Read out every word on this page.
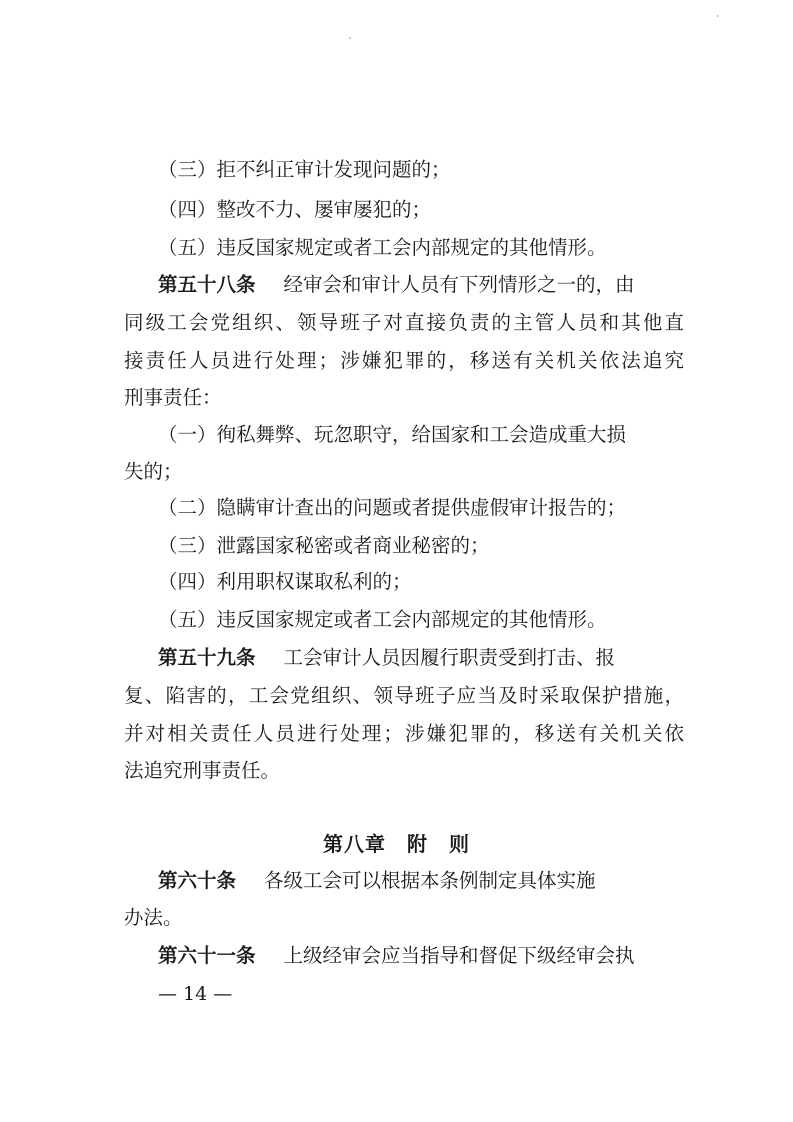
（三）拒不纠正审计发现问题的；
（四）整改不力、屡审屡犯的；
（五）违反国家规定或者工会内部规定的其他情形。
第五十八条 经审会和审计人员有下列情形之一的，由
同级工会党组织、领导班子对直接负责的主管人员和其他直
接责任人员进行处理；涉嫌犯罪的，移送有关机关依法追究
刑事责任：
（一）徇私舞弊、玩忽职守，给国家和工会造成重大损
失的；
（二）隐瞒审计查出的问题或者提供虚假审计报告的；
（三）泄露国家秘密或者商业秘密的；
（四）利用职权谋取私利的；
（五）违反国家规定或者工会内部规定的其他情形。
第五十九条 工会审计人员因履行职责受到打击、报
复、陷害的，工会党组织、领导班子应当及时采取保护措施，
并对相关责任人员进行处理；涉嫌犯罪的，移送有关机关依
法追究刑事责任。
第八章　附　则
第六十条 各级工会可以根据本条例制定具体实施
办法。
第六十一条 上级经审会应当指导和督促下级经审会执
— 14 —
